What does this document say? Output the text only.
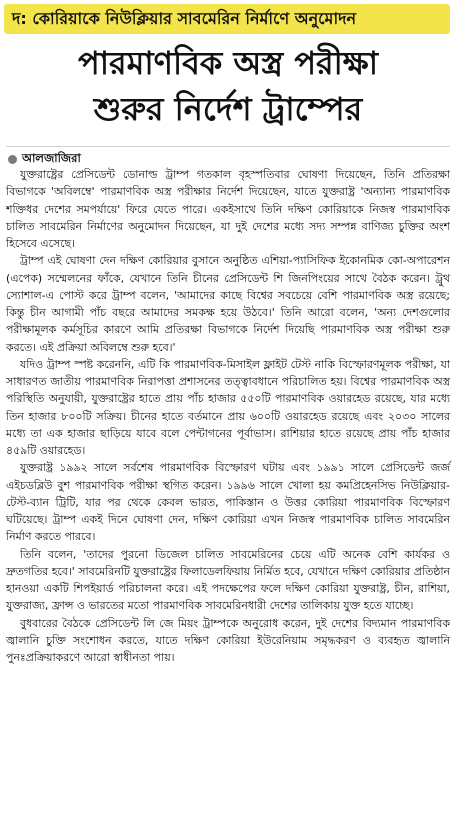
দ: কোরিয়াকে নিউক্লিয়ার সাবমেরিন নির্মাণে অনুমোদন
পারমাণবিক অস্ত্র পরীক্ষা
শুরুর নির্দেশ ট্রাম্পের
আলজাজিরা

যুক্তরাষ্ট্রের প্রেসিডেন্ট ডোনাল্ড ট্রাম্প গতকাল বৃহস্পতিবার ঘোষণা দিয়েছেন, তিনি প্রতিরক্ষা বিভাগকে 'অবিলম্বে' পারমাণবিক অস্ত্র পরীক্ষার নির্দেশ দিয়েছেন, যাতে যুক্তরাষ্ট্র 'অন্যান্য পারমাণবিক শক্তিধর দেশের সমপর্যায়ে' ফিরে যেতে পারে। একইসাথে তিনি দক্ষিণ কোরিয়াকে নিজস্ব পারমাণবিক চালিত সাবমেরিন নির্মাণের অনুমোদন দিয়েছেন, যা দুই দেশের মধ্যে সদ্য সম্পন্ন বাণিজ্য চুক্তির অংশ হিসেবে এসেছে।

ট্রাম্প এই ঘোষণা দেন দক্ষিণ কোরিয়ার বুসানে অনুষ্ঠিত এশিয়া-প্যাসিফিক ইকোনমিক কো-অপারেশন (এপেক) সম্মেলনের ফাঁকে, যেখানে তিনি চীনের প্রেসিডেন্ট শি জিনপিংয়ের সাথে বৈঠক করেন। ট্রুথ স্যোশাল-এ পোস্ট করে ট্রাম্প বলেন, 'আমাদের কাছে বিশ্বের সবচেয়ে বেশি পারমাণবিক অস্ত্র রয়েছে; কিন্তু চীন আগামী পাঁচ বছরে আমাদের সমকক্ষ হয়ে উঠবে।' তিনি আরো বলেন, 'অন্য দেশগুলোর পরীক্ষামূলক কর্মসূচির কারণে আমি প্রতিরক্ষা বিভাগকে নির্দেশ দিয়েছি পারমাণবিক অস্ত্র পরীক্ষা শুরু করতে। এই প্রক্রিয়া অবিলম্বে শুরু হবে।'

যদিও ট্রাম্প স্পষ্ট করেননি, এটি কি পারমাণবিক-মিসাইল ফ্লাইট টেস্ট নাকি বিস্ফোরণমূলক পরীক্ষা, যা সাধারণত জাতীয় পারমাণবিক নিরাপত্তা প্রশাসনের তত্ত্বাবধানে পরিচালিত হয়। বিশ্বের পারমাণবিক অস্ত্র পরিস্থিতি অনুযায়ী, যুক্তরাষ্ট্রের হাতে প্রায় পাঁচ হাজার ৫৫০টি পারমাণবিক ওয়ারহেড রয়েছে, যার মধ্যে তিন হাজার ৮০০টি সক্রিয়। চীনের হাতে বর্তমানে প্রায় ৬০০টি ওয়ারহেড রয়েছে এবং ২০৩০ সালের মধ্যে তা এক হাজার ছাড়িয়ে যাবে বলে পেন্টাগনের পূর্বাভাস। রাশিয়ার হাতে রয়েছে প্রায় পাঁচ হাজার ৪৫৯টি ওয়ারহেড।

যুক্তরাষ্ট্র ১৯৯২ সালে সর্বশেষ পারমাণবিক বিস্ফোরণ ঘটায় এবং ১৯৯১ সালে প্রেসিডেন্ট জর্জ এইচডব্লিউ বুশ পারমাণবিক পরীক্ষা স্থগিত করেন। ১৯৯৬ সালে খোলা হয় কমপ্রিহেনসিভ নিউক্লিয়ার-টেস্ট-ব্যান ট্রিটি, যার পর থেকে কেবল ভারত, পাকিস্তান ও উত্তর কোরিয়া পারমাণবিক বিস্ফোরণ ঘটিয়েছে। ট্রাম্প একই দিনে ঘোষণা দেন, দক্ষিণ কোরিয়া এখন নিজস্ব পারমাণবিক চালিত সাবমেরিন নির্মাণ করতে পারবে।

তিনি বলেন, 'তাদের পুরনো ডিজেল চালিত সাবমেরিনের চেয়ে এটি অনেক বেশি কার্যকর ও দ্রুতগতির হবে।' সাবমেরিনটি যুক্তরাষ্ট্রের ফিলাডেলফিয়ায় নির্মিত হবে, যেখানে দক্ষিণ কোরিয়ার প্রতিষ্ঠান হানওয়া একটি শিপইয়ার্ড পরিচালনা করে। এই পদক্ষেপের ফলে দক্ষিণ কোরিয়া যুক্তরাষ্ট্র, চীন, রাশিয়া, যুক্তরাজ্য, ফ্রান্স ও ভারতের মতো পারমাণবিক সাবমেরিনধারী দেশের তালিকায় যুক্ত হতে যাচ্ছে।

বুধবারের বৈঠকে প্রেসিডেন্ট লি জে মিয়ং ট্রাম্পকে অনুরোধ করেন, দুই দেশের বিদ্যমান পারমাণবিক জ্বালানি চুক্তি সংশোধন করতে, যাতে দক্ষিণ কোরিয়া ইউরেনিয়াম সমৃদ্ধকরণ ও ব্যবহৃত জ্বালানি পুনঃপ্রক্রিয়াকরণে আরো স্বাধীনতা পায়।
